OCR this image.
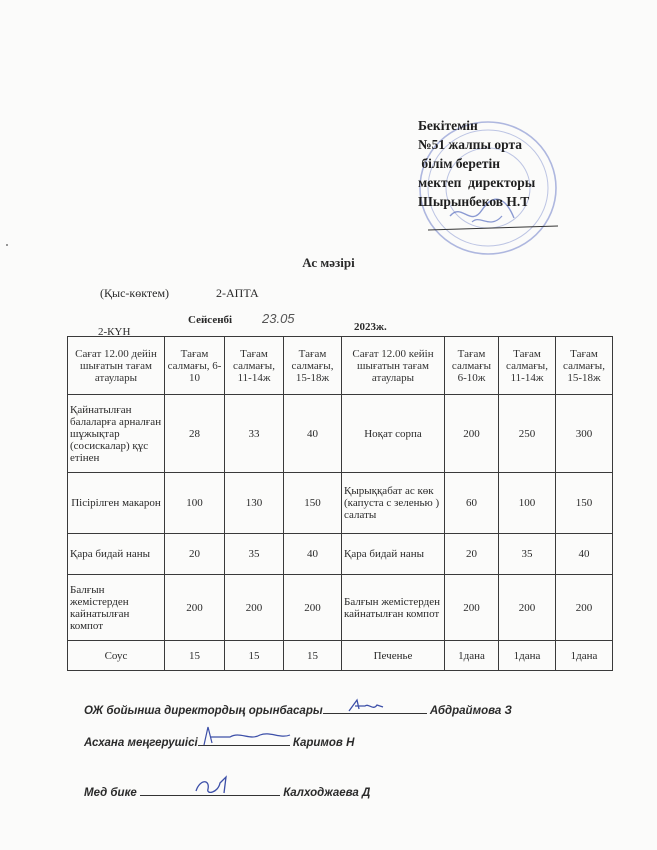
Бекітемін
№51 жалпы орта
білім беретін
мектеп  директоры
Шырынбеков Н.Т
Ас мәзірі
(Қыс-көктем)	2-АПТА
Сейсенбі 23.05
2023ж.
2-КҮН
Сағат 12.00 дейін шығатын тағам атаулары	Тағам салмағы, 6-10	Тағам салмағы, 11-14ж	Тағам салмағы, 15-18ж	Сағат 12.00 кейін шығатын тағам атаулары	Тағам салмағы 6-10ж	Тағам салмағы, 11-14ж	Тағам салмағы, 15-18ж
Қайнатылған балаларға арналған шұжықтар (сосискалар) құс етінен	28	33	40	Ноқат сорпа	200	250	300
Пісірілген макарон	100	130	150	Қырыққабат ас көк (капуста с зеленью ) салаты	60	100	150
Қара бидай наны	20	35	40	Қара бидай наны	20	35	40
Балғын жемістерден кайнатылған компот	200	200	200	Балғын жемістерден кайнатылған компот	200	200	200
Соус	15	15	15	Печенье	1дана	1дана	1дана
ОЖ бойынша директордың орынбасары	Абдраймова З
Асхана меңгерушісі	Каримов Н
Мед бике	Калходжаева Д
